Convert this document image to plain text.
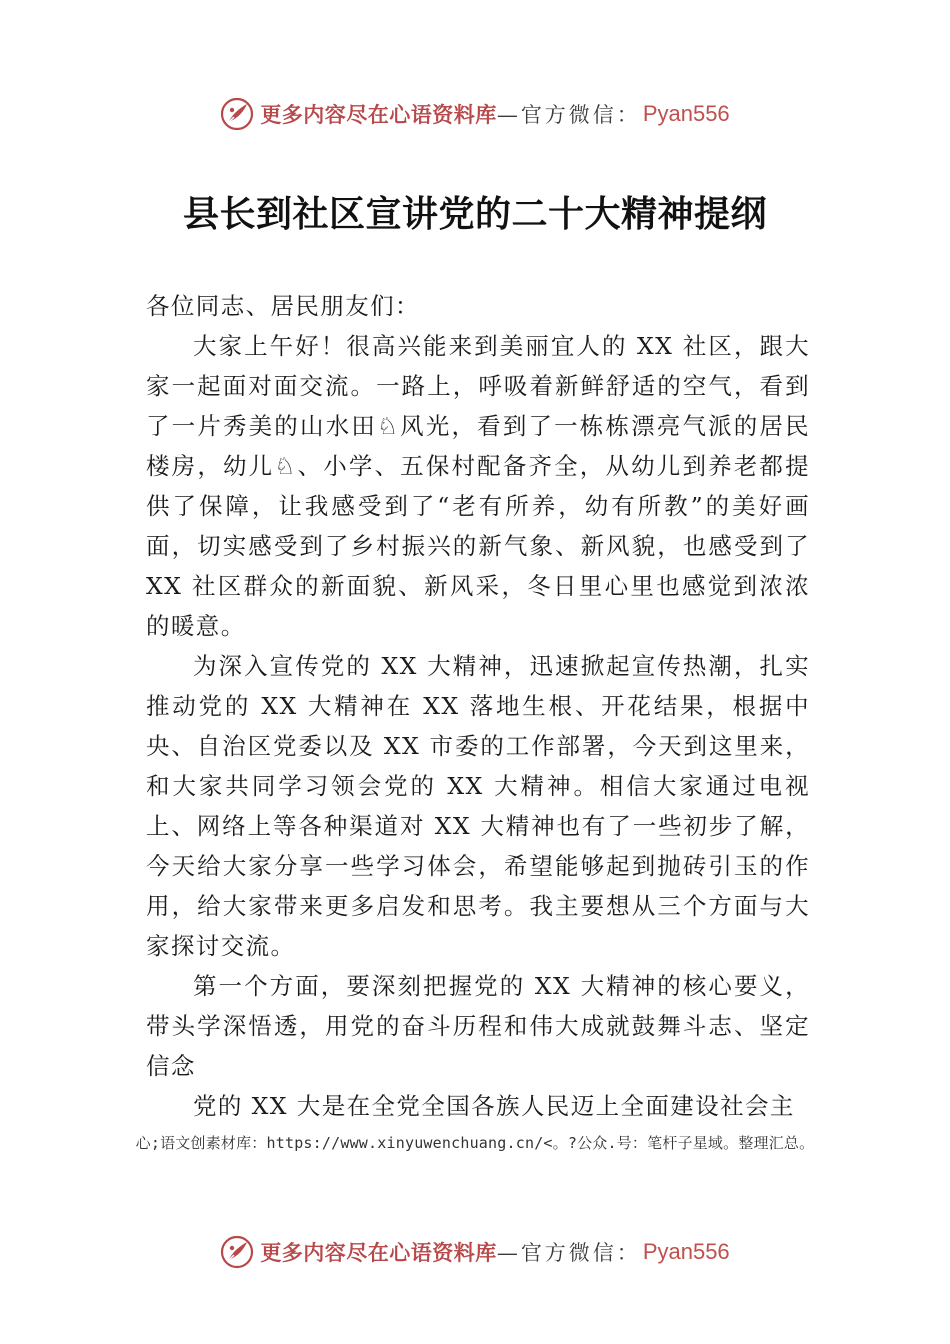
更多内容尽在心语资料库 —官方微信： Pyan556
县长到社区宣讲党的二十大精神提纲

各位同志、居民朋友们：

大家上午好！很高兴能来到美丽宜人的 XX 社区，跟大家一起面对面交流。一路上，呼吸着新鲜舒适的空气，看到了一片秀美的山水田♘风光，看到了一栋栋漂亮气派的居民楼房，幼儿♘、小学、五保村配备齐全，从幼儿到养老都提供了保障，让我感受到了“老有所养，幼有所教”的美好画面，切实感受到了乡村振兴的新气象、新风貌，也感受到了 XX 社区群众的新面貌、新风采，冬日里心里也感觉到浓浓的暖意。

为深入宣传党的 XX 大精神，迅速掀起宣传热潮，扎实推动党的 XX 大精神在 XX 落地生根、开花结果，根据中央、自治区党委以及 XX 市委的工作部署，今天到这里来，和大家共同学习领会党的 XX 大精神。相信大家通过电视上、网络上等各种渠道对 XX 大精神也有了一些初步了解，今天给大家分享一些学习体会，希望能够起到抛砖引玉的作用，给大家带来更多启发和思考。我主要想从三个方面与大家探讨交流。

第一个方面，要深刻把握党的 XX 大精神的核心要义，带头学深悟透，用党的奋斗历程和伟大成就鼓舞斗志、坚定信念

党的 XX 大是在全党全国各族人民迈上全面建设社会主

心;语文创素材库：https://www.xinyuwenchuang.cn/<。?公众.号：笔杆子星域。整理汇总。
更多内容尽在心语资料库 —官方微信： Pyan556
